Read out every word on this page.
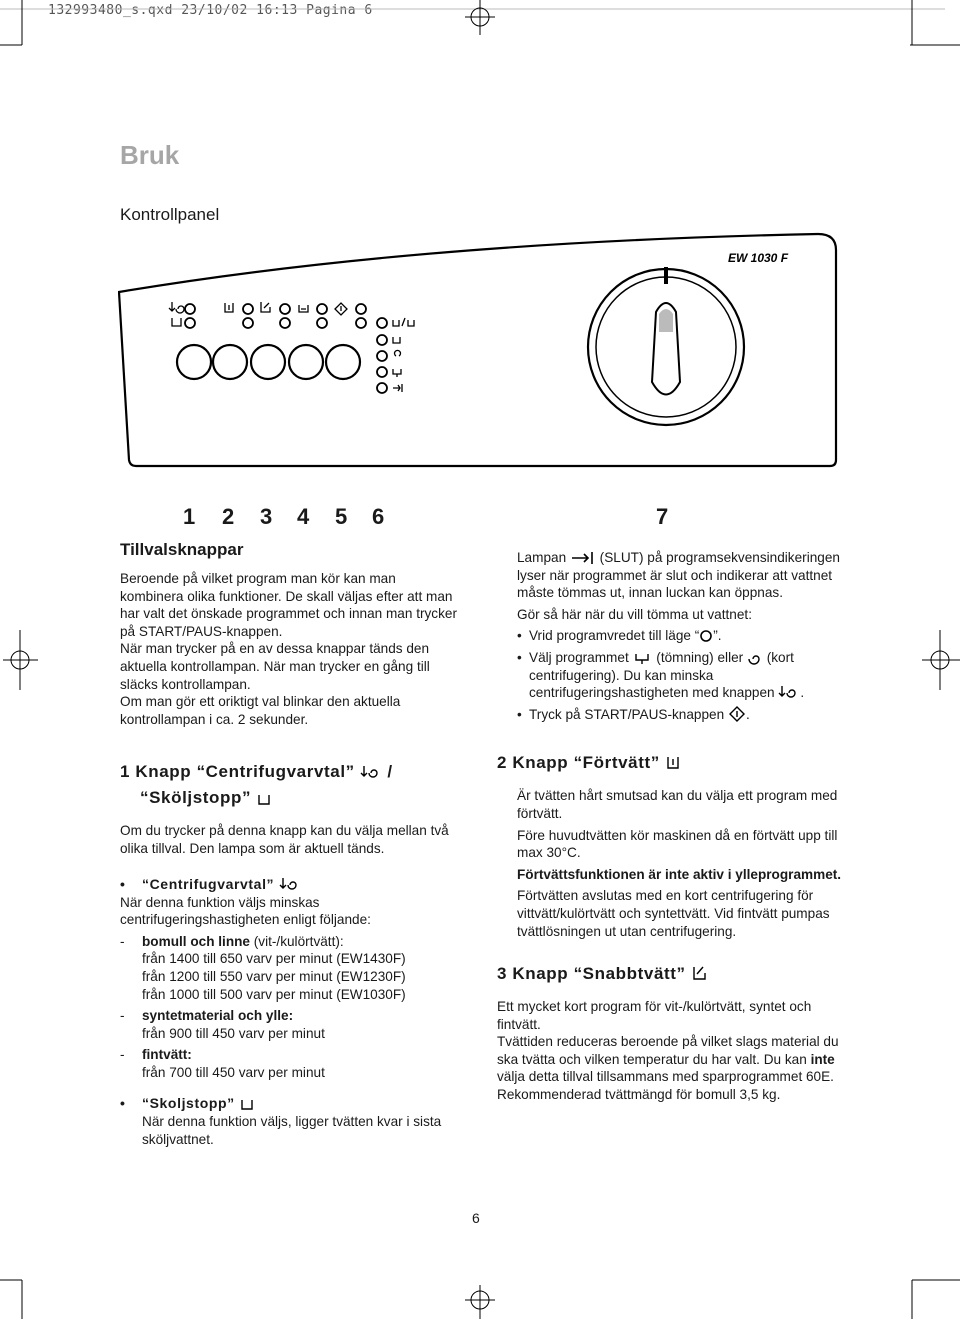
132993480_s.qxd 23/10/02 16:13 Pagina 6
Bruk
Kontrollpanel
EW 1030 F
1 2 3 4 5 6	7
Tillvalsknappar
Beroende på vilket program man kör kan man kombinera olika funktioner. De skall väljas efter att man har valt det önskade programmet och innan man trycker på START/PAUS-knappen.
När man trycker på en av dessa knappar tänds den aktuella kontrollampan. När man trycker en gång till släcks kontrollampan.
Om man gör ett oriktigt val blinkar den aktuella kontrollampan i ca. 2 sekunder.
1 Knapp “Centrifugvarvtal”  /
“Sköljstopp”
Om du trycker på denna knapp kan du välja mellan två olika tillval. Den lampa som är aktuell tänds.
• “Centrifugvarvtal”
När denna funktion väljs minskas centrifugeringshastigheten enligt följande:
- bomull och linne (vit-/kulörtvätt):
från 1400 till 650 varv per minut (EW1430F)
från 1200 till 550 varv per minut (EW1230F)
från 1000 till 500 varv per minut (EW1030F)
- syntetmaterial och ylle:
från 900 till 450 varv per minut
- fintvätt:
från 700 till 450 varv per minut
• “Skoljstopp”
När denna funktion väljs, ligger tvätten kvar i sista sköljvattnet.
Lampan  (SLUT) på programsekvensindikeringen lyser när programmet är slut och indikerar att vattnet måste tömmas ut, innan luckan kan öppnas.
Gör så här när du vill tömma ut vattnet:
• Vrid programvredet till läge “ ”.
• Välj programmet  (tömning) eller  (kort centrifugering). Du kan minska centrifugeringshastigheten med knappen .
• Tryck på START/PAUS-knappen .
2 Knapp “Förtvätt”
Är tvätten hårt smutsad kan du välja ett program med förtvätt.
Före huvudtvätten kör maskinen då en förtvätt upp till max 30°C.
Förtvättsfunktionen är inte aktiv i ylleprogrammet.
Förtvätten avslutas med en kort centrifugering för vittvätt/kulörtvätt och syntettvätt. Vid fintvätt pumpas tvättlösningen ut utan centrifugering.
3 Knapp “Snabbtvätt”
Ett mycket kort program för vit-/kulörtvätt, syntet och fintvätt.
Tvättiden reduceras beroende på vilket slags material du ska tvätta och vilken temperatur du har valt. Du kan inte välja detta tillval tillsammans med sparprogrammet 60E. Rekommenderad tvättmängd för bomull 3,5 kg.
6
